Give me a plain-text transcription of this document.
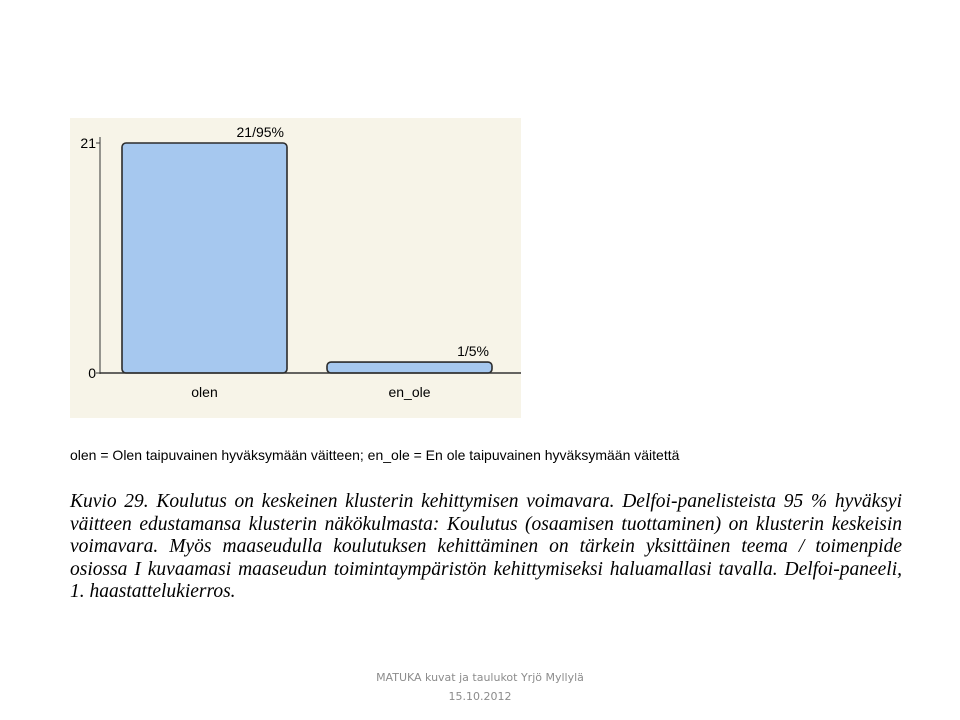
21/95%
olen
1/5%
en_ole
0
21
olen = Olen taipuvainen hyväksymään väitteen; en_ole = En ole taipuvainen hyväksymään väitettä
Kuvio 29. Koulutus on keskeinen klusterin kehittymisen voimavara. Delfoi-panelisteista 95 % hyväksyi väitteen edustamansa klusterin näkökulmasta: Koulutus (osaamisen tuottaminen) on klusterin keskeisin voimavara. Myös maaseudulla koulutuksen kehittäminen on tärkein yksittäinen teema / toimenpide osiossa I kuvaamasi maaseudun toimintaympäristön kehittymiseksi haluamallasi tavalla. Delfoi-paneeli, 1. haastattelukierros.
MATUKA kuvat ja taulukot Yrjö Myllylä
15.10.2012
